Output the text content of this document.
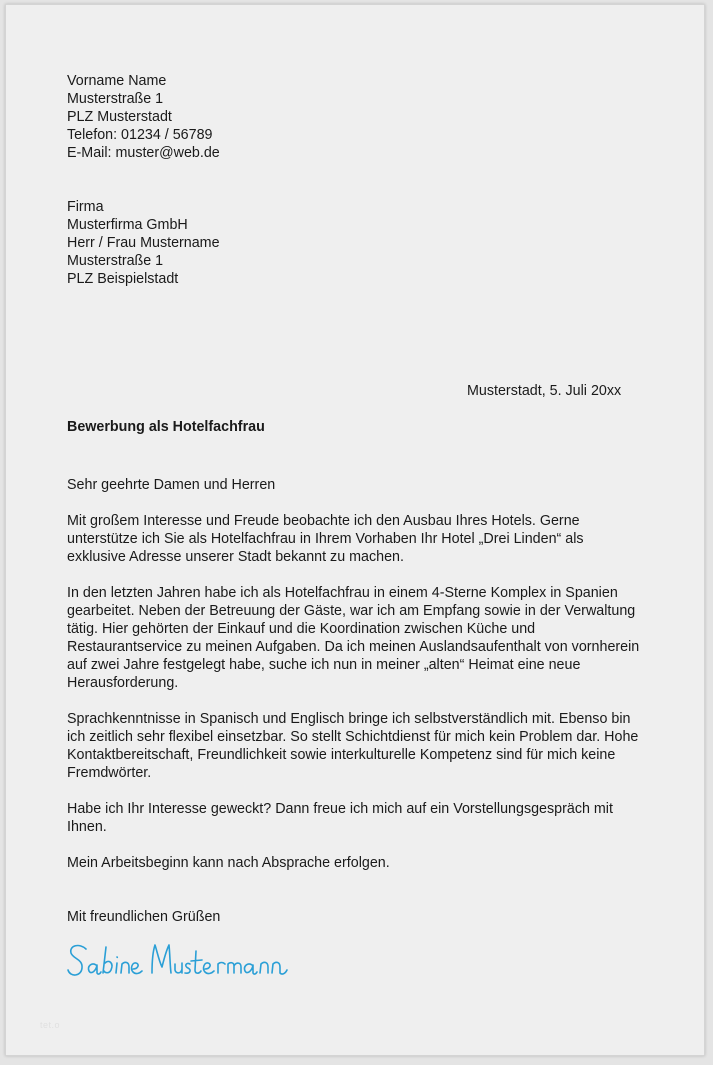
Vorname Name
Musterstraße 1
PLZ Musterstadt
Telefon: 01234 / 56789
E-Mail: muster@web.de
Firma
Musterfirma GmbH
Herr / Frau Mustername
Musterstraße 1
PLZ Beispielstadt
Musterstadt, 5. Juli 20xx
Bewerbung als Hotelfachfrau
Sehr geehrte Damen und Herren
Mit großem Interesse und Freude beobachte ich den Ausbau Ihres Hotels. Gerne
unterstütze ich Sie als Hotelfachfrau in Ihrem Vorhaben Ihr Hotel „Drei Linden“ als
exklusive Adresse unserer Stadt bekannt zu machen.
In den letzten Jahren habe ich als Hotelfachfrau in einem 4-Sterne Komplex in Spanien
gearbeitet. Neben der Betreuung der Gäste, war ich am Empfang sowie in der Verwaltung
tätig. Hier gehörten der Einkauf und die Koordination zwischen Küche und
Restaurantservice zu meinen Aufgaben. Da ich meinen Auslandsaufenthalt von vornherein
auf zwei Jahre festgelegt habe, suche ich nun in meiner „alten“ Heimat eine neue
Herausforderung.
Sprachkenntnisse in Spanisch und Englisch bringe ich selbstverständlich mit. Ebenso bin
ich zeitlich sehr flexibel einsetzbar. So stellt Schichtdienst für mich kein Problem dar. Hohe
Kontaktbereitschaft, Freundlichkeit sowie interkulturelle Kompetenz sind für mich keine
Fremdwörter.
Habe ich Ihr Interesse geweckt? Dann freue ich mich auf ein Vorstellungsgespräch mit
Ihnen.
Mein Arbeitsbeginn kann nach Absprache erfolgen.
Mit freundlichen Grüßen
tet.o
